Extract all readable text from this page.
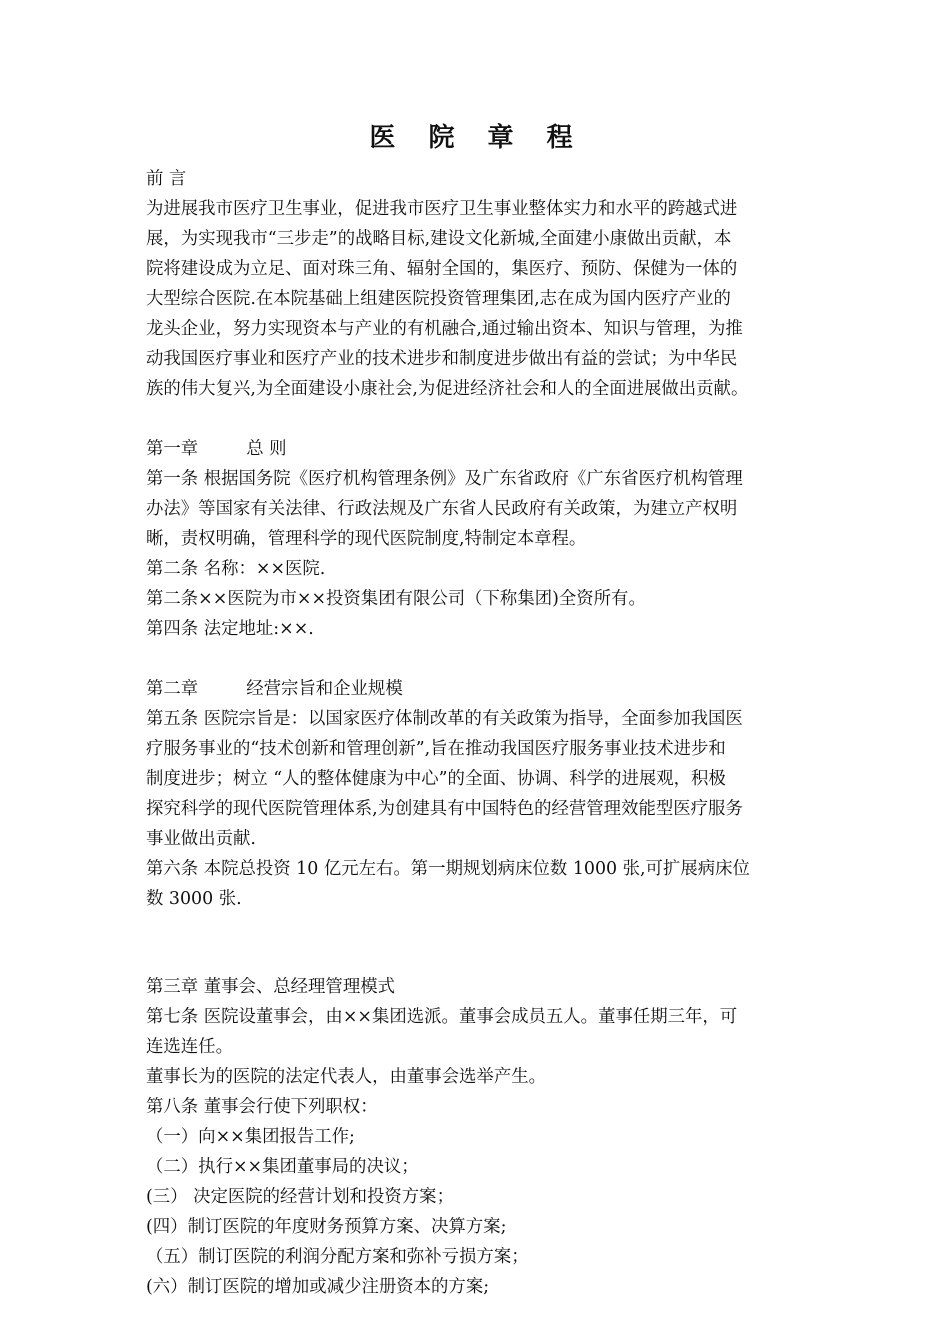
医 院 章 程

前 言

为进展我市医疗卫生事业，促进我市医疗卫生事业整体实力和水平的跨越式进

展，为实现我市“三步走”的战略目标,建设文化新城,全面建小康做出贡献，本

院将建设成为立足、面对珠三角、辐射全国的，集医疗、预防、保健为一体的

大型综合医院.在本院基础上组建医院投资管理集团,志在成为国内医疗产业的

龙头企业，努力实现资本与产业的有机融合,通过输出资本、知识与管理，为推

动我国医疗事业和医疗产业的技术进步和制度进步做出有益的尝试；为中华民

族的伟大复兴,为全面建设小康社会,为促进经济社会和人的全面进展做出贡献。

第一章	总 则

第一条 根据国务院《医疗机构管理条例》及广东省政府《广东省医疗机构管理

办法》等国家有关法律、行政法规及广东省人民政府有关政策，为建立产权明

晰，责权明确，管理科学的现代医院制度,特制定本章程。

第二条 名称：××医院.

第二条××医院为市××投资集团有限公司（下称集团)全资所有。

第四条 法定地址:××.

第二章	经营宗旨和企业规模

第五条 医院宗旨是：以国家医疗体制改革的有关政策为指导，全面参加我国医

疗服务事业的“技术创新和管理创新”,旨在推动我国医疗服务事业技术进步和

制度进步；树立 “人的整体健康为中心”的全面、协调、科学的进展观，积极

探究科学的现代医院管理体系,为创建具有中国特色的经营管理效能型医疗服务

事业做出贡献.

第六条 本院总投资 10 亿元左右。第一期规划病床位数 1000 张,可扩展病床位

数 3000 张.

第三章 董事会、总经理管理模式

第七条 医院设董事会，由××集团选派。董事会成员五人。董事任期三年，可

连选连任。

董事长为的医院的法定代表人，由董事会选举产生。

第八条 董事会行使下列职权：

（一）向××集团报告工作;

（二）执行××集团董事局的决议；

(三） 决定医院的经营计划和投资方案；

(四）制订医院的年度财务预算方案、决算方案;

（五）制订医院的利润分配方案和弥补亏损方案；

(六）制订医院的增加或减少注册资本的方案;
